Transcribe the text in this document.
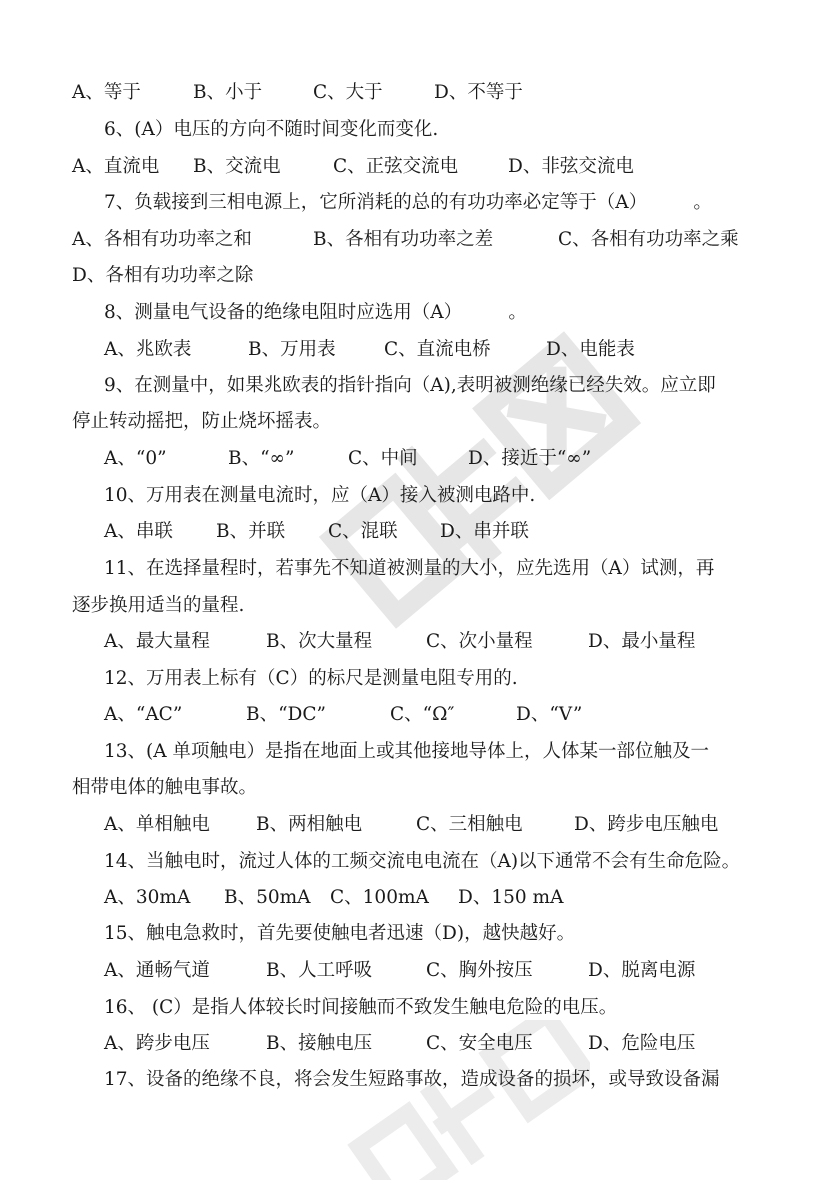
A、等于	B、小于	C、大于	D、不等于
6、(A）电压的方向不随时间变化而变化.
A、直流电 B、交流电	C、正弦交流电	D、非弦交流电
7、负载接到三相电源上，它所消耗的总的有功功率必定等于（A）　　　。
A、各相有功功率之和	B、各相有功功率之差	C、各相有功功率之乘
D、各相有功功率之除
8、测量电气设备的绝缘电阻时应选用（A）　　　。
A、兆欧表	B、万用表	C、直流电桥	D、电能表
9、在测量中，如果兆欧表的指针指向（A),表明被测绝缘已经失效。应立即
停止转动摇把，防止烧坏摇表。
A、“0”	B、“∞”	C、中间	D、接近于“∞”
10、万用表在测量电流时，应（A）接入被测电路中.
A、串联 B、并联 C、混联 D、串并联
11、在选择量程时，若事先不知道被测量的大小，应先选用（A）试测，再
逐步换用适当的量程.
A、最大量程	B、次大量程	C、次小量程	D、最小量程
12、万用表上标有（C）的标尺是测量电阻专用的.
A、“AC”	B、“DC”	C、“Ω″	D、“V”
13、(A 单项触电）是指在地面上或其他接地导体上，人体某一部位触及一
相带电体的触电事故。
A、单相触电 B、两相触电	C、三相触电	D、跨步电压触电
14、当触电时，流过人体的工频交流电电流在（A)以下通常不会有生命危险。
A、30mA B、50mA C、100mA D、150 mA
15、触电急救时，首先要使触电者迅速（D)，越快越好。
A、通畅气道	B、人工呼吸	C、胸外按压	D、脱离电源
16、 (C）是指人体较长时间接触而不致发生触电危险的电压。
A、跨步电压	B、接触电压	C、安全电压	D、危险电压
17、设备的绝缘不良，将会发生短路事故，造成设备的损坏，或导致设备漏
